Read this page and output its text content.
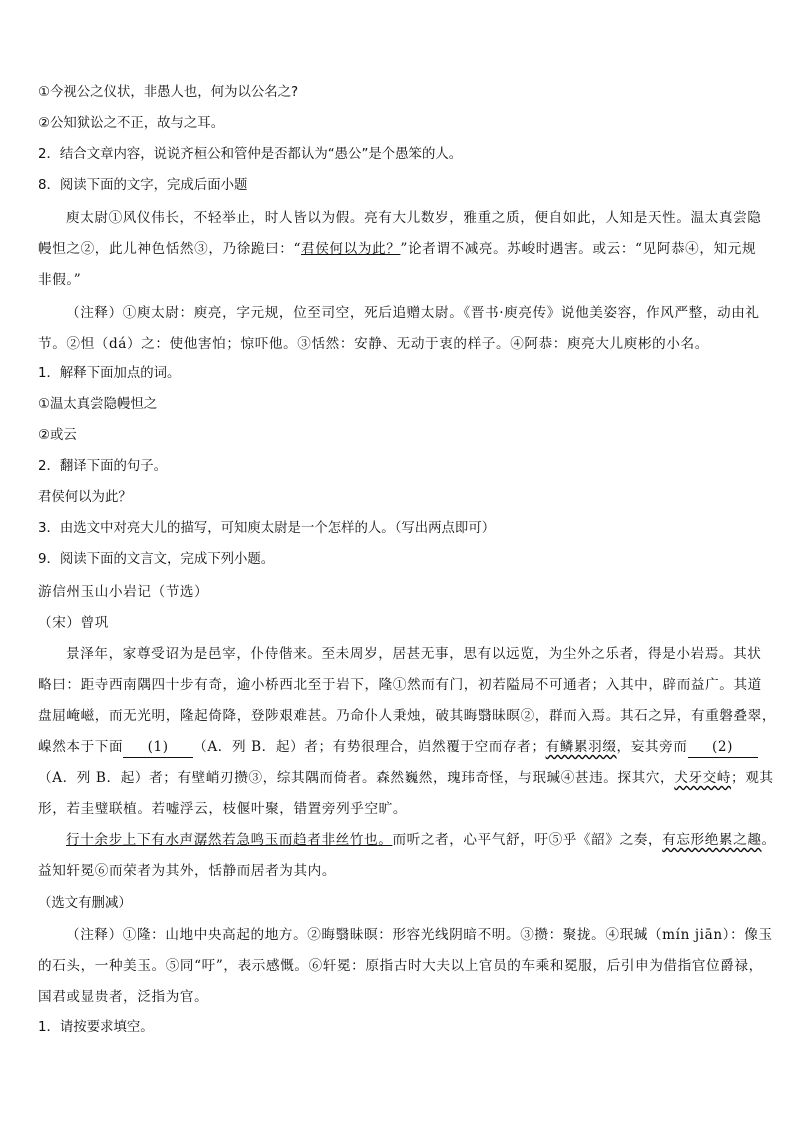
①今视公之仪状，非愚人也，何为以公名之?
②公知狱讼之不正，故与之耳。
2．结合文章内容，说说齐桓公和管仲是否都认为“愚公”是个愚笨的人。
8．阅读下面的文字，完成后面小题
庾太尉①风仪伟长，不轻举止，时人皆以为假。亮有大儿数岁，雅重之质，便自如此，人知是天性。温太真尝隐
幔怛之②，此儿神色恬然③，乃徐跪曰：“君侯何以为此？”论者谓不减亮。苏峻时遇害。或云：“见阿恭④，知元规
非假。”
（注释）①庾太尉：庾亮，字元规，位至司空，死后追赠太尉。《晋书·庾亮传》说他美姿容，作风严整，动由礼
节。②怛（dá）之：使他害怕；惊吓他。③恬然：安静、无动于衷的样子。④阿恭：庾亮大儿庾彬的小名。
1．解释下面加点的词。
①温太真尝隐幔怛之
②或云
2．翻译下面的句子。
君侯何以为此？
3．由选文中对亮大儿的描写，可知庾太尉是一个怎样的人。（写出两点即可）
9．阅读下面的文言文，完成下列小题。
游信州玉山小岩记（节选）
（宋）曾巩
景泽年，家尊受诏为是邑宰，仆侍偕来。至未周岁，居甚无事，思有以远览，为尘外之乐者，得是小岩焉。其状
略曰：距寺西南隅四十步有奇，逾小桥西北至于岩下，隆①然而有门，初若隘局不可通者；入其中，辟而益广。其道
盘屈崦嵫，而无光明，隆起倚降，登陟艰难甚。乃命仆人秉烛，破其晦翳昧暝②，群而入焉。其石之异，有重磐叠翠，
嵲然本于下面 (1) （A．列 B．起）者；有势很理合，岿然覆于空而存者；有鳞累羽缀，妄其旁而 (2)
（A．列 B．起）者；有壁峭刃攒③，综其隅而倚者。森然巍然，瑰玮奇怪，与珉瑊④甚违。探其穴，犬牙交峙；观其
形，若圭璧联植。若嘘浮云，枝偃叶聚，错置旁列乎空旷。
行十余步上下有水声潺然若急鸣玉而趋者非丝竹也。而听之者，心平气舒，吁⑤乎《韶》之奏，有忘形绝累之趣。
益知轩冕⑥而荣者为其外，恬静而居者为其内。
（选文有删减）
（注释）①隆：山地中央高起的地方。②晦翳昧暝：形容光线阴暗不明。③攒：聚拢。④珉瑊（mín jiān）：像玉
的石头，一种美玉。⑤同“吁”，表示感慨。⑥轩冕：原指古时大夫以上官员的车乘和冕服，后引申为借指官位爵禄，
国君或显贵者，泛指为官。
1．请按要求填空。
